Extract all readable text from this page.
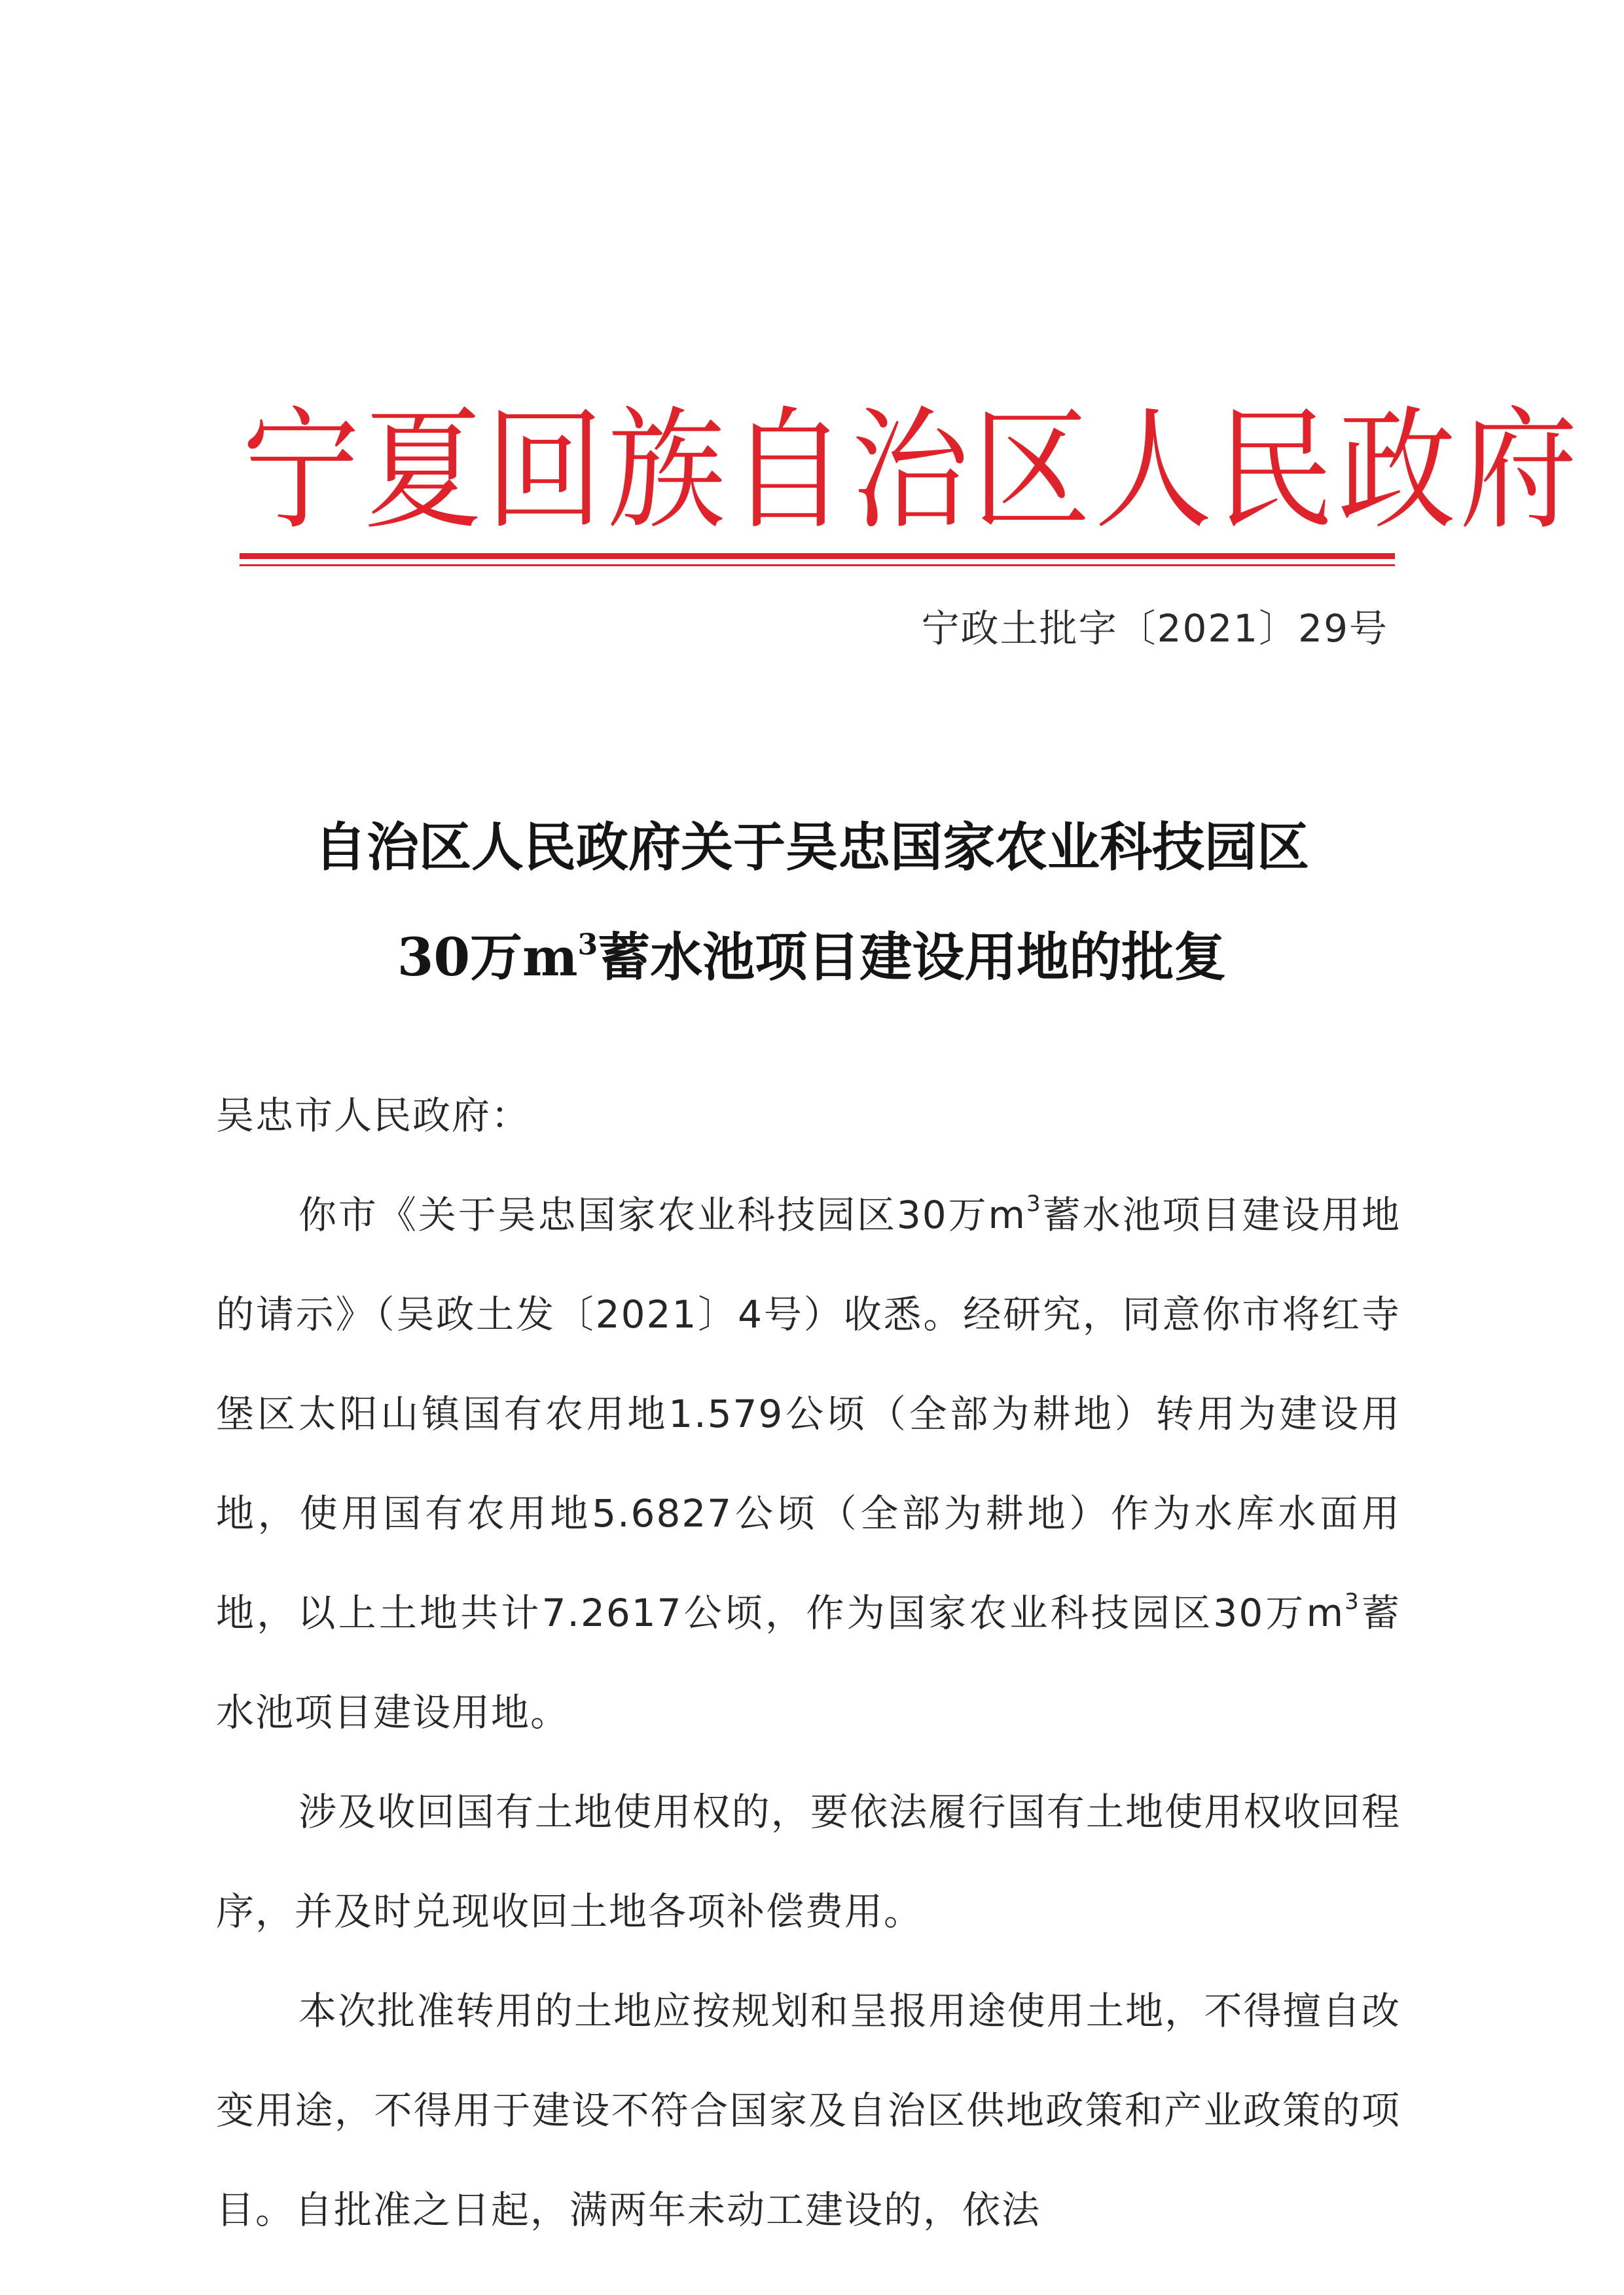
宁夏回族自治区人民政府
宁政土批字〔2021〕29号
自治区人民政府关于吴忠国家农业科技园区
30万$m^3$蓄水池项目建设用地的批复

吴忠市人民政府：

你市《关于吴忠国家农业科技园区30万$m^3$蓄水池项目建设用地的请示》（吴政土发〔2021〕4号）收悉。经研究，同意你市将红寺堡区太阳山镇国有农用地1.579公顷（全部为耕地）转用为建设用地，使用国有农用地5.6827公顷（全部为耕地）作为水库水面用地，以上土地共计7.2617公顷，作为国家农业科技园区30万$m^3$蓄水池项目建设用地。

涉及收回国有土地使用权的，要依法履行国有土地使用权收回程序，并及时兑现收回土地各项补偿费用。

本次批准转用的土地应按规划和呈报用途使用土地，不得擅自改变用途，不得用于建设不符合国家及自治区供地政策和产业政策的项目。自批准之日起，满两年未动工建设的，依法
